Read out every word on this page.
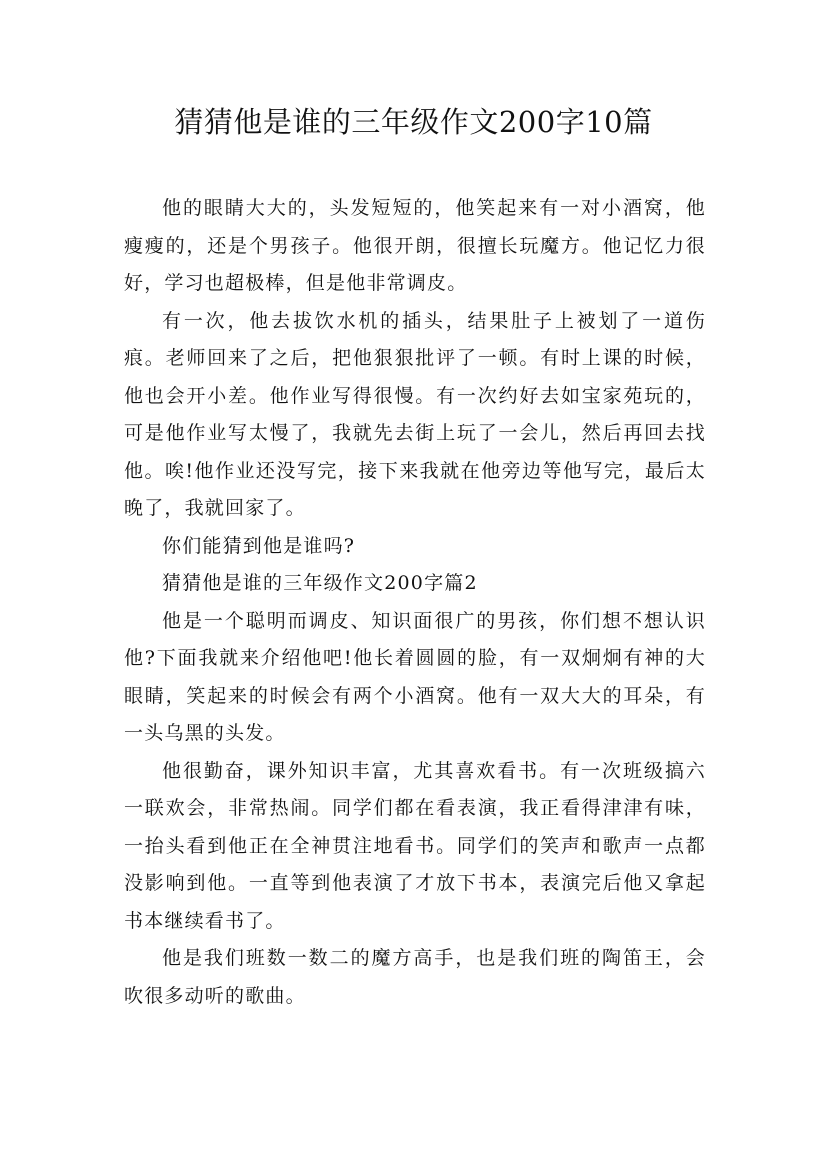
猜猜他是谁的三年级作文200字10篇

他的眼睛大大的，头发短短的，他笑起来有一对小酒窝，他瘦瘦的，还是个男孩子。他很开朗，很擅长玩魔方。他记忆力很好，学习也超极棒，但是他非常调皮。

有一次，他去拔饮水机的插头，结果肚子上被划了一道伤痕。老师回来了之后，把他狠狠批评了一顿。有时上课的时候，他也会开小差。他作业写得很慢。有一次约好去如宝家苑玩的，可是他作业写太慢了，我就先去街上玩了一会儿，然后再回去找他。唉!他作业还没写完，接下来我就在他旁边等他写完，最后太晚了，我就回家了。

你们能猜到他是谁吗?

猜猜他是谁的三年级作文200字篇2

他是一个聪明而调皮、知识面很广的男孩，你们想不想认识他?下面我就来介绍他吧!他长着圆圆的脸，有一双炯炯有神的大眼睛，笑起来的时候会有两个小酒窝。他有一双大大的耳朵，有一头乌黑的头发。

他很勤奋，课外知识丰富，尤其喜欢看书。有一次班级搞六一联欢会，非常热闹。同学们都在看表演，我正看得津津有味，一抬头看到他正在全神贯注地看书。同学们的笑声和歌声一点都没影响到他。一直等到他表演了才放下书本，表演完后他又拿起书本继续看书了。

他是我们班数一数二的魔方高手，也是我们班的陶笛王，会吹很多动听的歌曲。
